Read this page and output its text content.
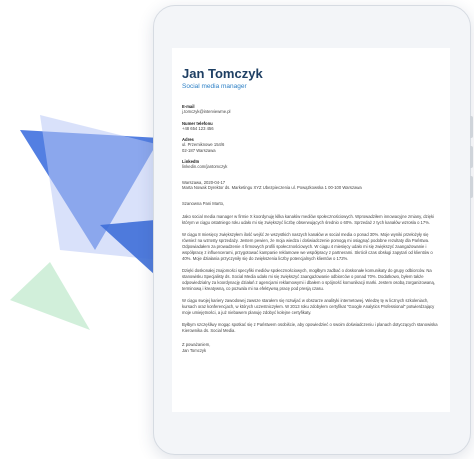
Jan Tomczyk
Social media manager
E-mail
j.tomczyk@interviewme.pl
Numer telefonu
+48 654 123 456
Adres
ul. Przemiknowe 154/6
02-187 Warszawa
LinkedIn
linkedin.com/jantomczyk
Warszawa, 2020-04-17
Marta Nowak Dyrektor ds. Marketingu XYZ Ubezpieczenia ul. Powązkowska 1 00-100 Warszawa
Szanowna Pani Marto,

Jako social media manager w firmie X koordynuję kilka kanałów mediów społecznościowych. Wprowadziłem innowacyjne zmiany, dzięki którym w ciągu ostatniego roku udało mi się zwiększyć liczbę obserwujących średnio o 60%. Sprzedaż z tych kanałów wzrosła o 17%.

W ciągu 8 miesięcy zwiększyłem ilość wejść ze wszystkich naszych kanałów w social media o ponad 30%. Moje wyniki przełożyły się również na wzrosty sprzedaży. Jestem pewien, że moja wiedza i doświadczenie pomogą mi osiągnąć podobne rezultaty dla Państwa. Odpowiadałem za prowadzenie 4 firmowych profili społecznościowych. W ciągu 4 miesięcy udało mi się zwiększyć zaangażowanie i współpracę z influencerami, przygotować kampanie reklamowe we współpracy z partnerami. Skrócił czas obsługi zapytań od klientów o 40%. Moje działania przyczyniły się do zwiększenia liczby potencjalnych klientów o 172%.

Dzięki doskonałej znajomości specyfiki mediów społecznościowych, mogłbym zadbać o doskonałe komunikaty do grupy odbiorców. Na stanowisku Specjalisty ds. Social Media udało mi się zwiększyć zaangażowanie odbiorców o ponad 70%. Dodatkowo, byłem także odpowiedzialny za koordynację działań z agencjami reklamowymi i dbałem o spójność komunikacji marki. Jestem osobą zorganizowaną, terminową i kreatywną, co pozwala mi na efektywną pracę pod presją czasu.

W ciągu swojej kariery zawodowej zawsze starałem się rozwijać w obszarze analityki internetowej. Wiedzę tę w licznych szkoleniach, kursach oraz konferencjach, w których uczestniczyłem. W 2013 roku zdobyłem certyfikat "Google Analytics Professional" potwierdzający moje umiejętności, a już niebawem planuję zdobyć kolejne certyfikaty.

Byłbym szczęśliwy mogąc spotkać się z Państwem osobiście, aby opowiedzieć o swoim doświadczeniu i planach dotyczących stanowiska Kierownika ds. Social Media.

Z poważaniem,
Jan Tomczyk
